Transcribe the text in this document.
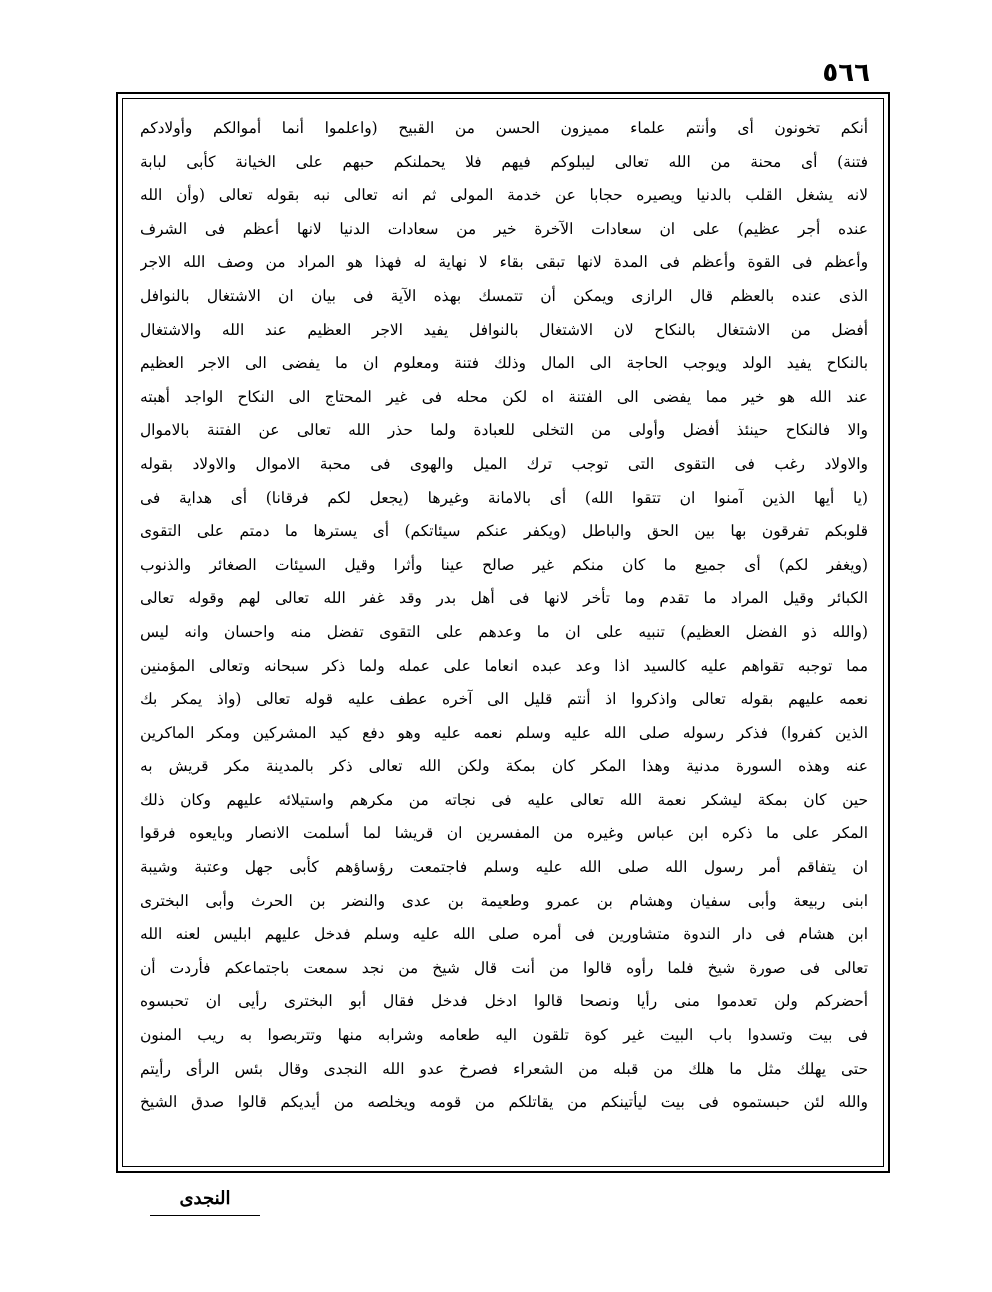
٥٦٦
أنكم تخونون أى وأنتم علماء مميزون الحسن من القبيح (واعلموا أنما أموالكم وأولادكم
فتنة) أى محنة من الله تعالى ليبلوكم فيهم فلا يحملنكم حبهم على الخيانة كأبى لبابة
لانه يشغل القلب بالدنيا ويصيره حجابا عن خدمة المولى ثم انه تعالى نبه بقوله تعالى (وأن الله
عنده أجر عظيم) على ان سعادات الآخرة خير من سعادات الدنيا لانها أعظم فى الشرف
وأعظم فى القوة وأعظم فى المدة لانها تبقى بقاء لا نهاية له فهذا هو المراد من وصف الله الاجر
الذى عنده بالعظم قال الرازى ويمكن أن تتمسك بهذه الآية فى بيان ان الاشتغال بالنوافل
أفضل من الاشتغال بالنكاح لان الاشتغال بالنوافل يفيد الاجر العظيم عند الله والاشتغال
بالنكاح يفيد الولد ويوجب الحاجة الى المال وذلك فتنة ومعلوم ان ما يفضى الى الاجر العظيم
عند الله هو خير مما يفضى الى الفتنة اه لكن محله فى غير المحتاج الى النكاح الواجد أهبته
والا فالنكاح حينئذ أفضل وأولى من التخلى للعبادة ولما حذر الله تعالى عن الفتنة بالاموال
والاولاد رغب فى التقوى التى توجب ترك الميل والهوى فى محبة الاموال والاولاد بقوله
(يا أيها الذين آمنوا ان تتقوا الله) أى بالامانة وغيرها (يجعل لكم فرقانا) أى هداية فى
قلوبكم تفرقون بها بين الحق والباطل (ويكفر عنكم سيئاتكم) أى يسترها ما دمتم على التقوى
(ويغفر لكم) أى جميع ما كان منكم غير صالح عينا وأثرا وقيل السيئات الصغائر والذنوب
الكبائر وقيل المراد ما تقدم وما تأخر لانها فى أهل بدر وقد غفر الله تعالى لهم وقوله تعالى
(والله ذو الفضل العظيم) تنبيه على ان ما وعدهم على التقوى تفضل منه واحسان وانه ليس
مما توجبه تقواهم عليه كالسيد اذا وعد عبده انعاما على عمله ولما ذكر سبحانه وتعالى المؤمنين
نعمه عليهم بقوله تعالى واذكروا اذ أنتم قليل الى آخره عطف عليه قوله تعالى (واذ يمكر بك
الذين كفروا) فذكر رسوله صلى الله عليه وسلم نعمه عليه وهو دفع كيد المشركين ومكر الماكرين
عنه وهذه السورة مدنية وهذا المكر كان بمكة ولكن الله تعالى ذكر بالمدينة مكر قريش به
حين كان بمكة ليشكر نعمة الله تعالى عليه فى نجاته من مكرهم واستيلائه عليهم وكان ذلك
المكر على ما ذكره ابن عباس وغيره من المفسرين ان قريشا لما أسلمت الانصار وبايعوه فرقوا
ان يتفاقم أمر رسول الله صلى الله عليه وسلم فاجتمعت رؤساؤهم كأبى جهل وعتبة وشيبة
ابنى ربيعة وأبى سفيان وهشام بن عمرو وطعيمة بن عدى والنضر بن الحرث وأبى البخترى
ابن هشام فى دار الندوة متشاورين فى أمره صلى الله عليه وسلم فدخل عليهم ابليس لعنه الله
تعالى فى صورة شيخ فلما رأوه قالوا من أنت قال شيخ من نجد سمعت باجتماعكم فأردت أن
أحضركم ولن تعدموا منى رأيا ونصحا قالوا ادخل فدخل فقال أبو البخترى رأيى ان تحبسوه
فى بيت وتسدوا باب البيت غير كوة تلقون اليه طعامه وشرابه منها وتتربصوا به ريب المنون
حتى يهلك مثل ما هلك من قبله من الشعراء فصرخ عدو الله النجدى وقال بئس الرأى رأيتم
والله لئن حبستموه فى بيت ليأتينكم من يقاتلكم من قومه ويخلصه من أيديكم قالوا صدق الشيخ
النجدى
